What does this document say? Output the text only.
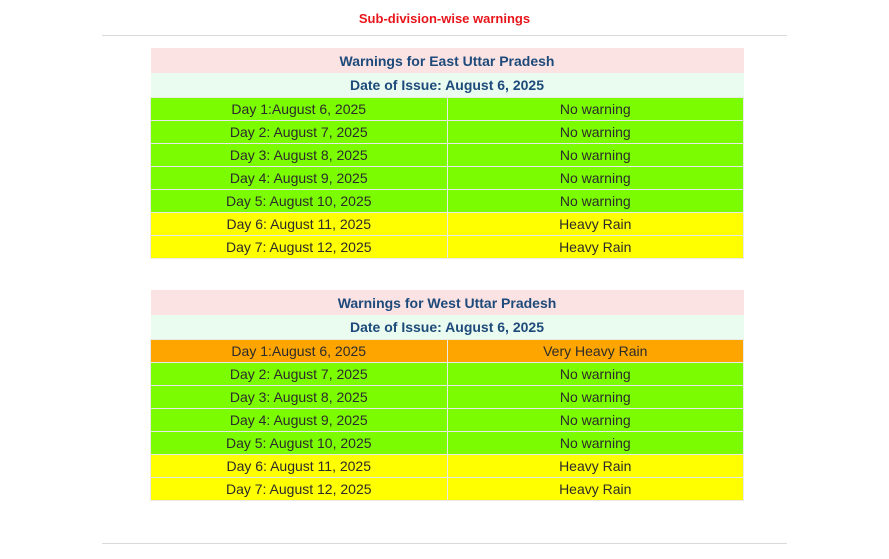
Sub-division-wise warnings
Warnings for East Uttar Pradesh	
Date of Issue: August 6, 2025	
Day 1:August 6, 2025	No warning
Day 2: August 7, 2025	No warning
Day 3: August 8, 2025	No warning
Day 4: August 9, 2025	No warning
Day 5: August 10, 2025	No warning
Day 6: August 11, 2025	Heavy Rain
Day 7: August 12, 2025	Heavy Rain
Warnings for West Uttar Pradesh	
Date of Issue: August 6, 2025	
Day 1:August 6, 2025	Very Heavy Rain
Day 2: August 7, 2025	No warning
Day 3: August 8, 2025	No warning
Day 4: August 9, 2025	No warning
Day 5: August 10, 2025	No warning
Day 6: August 11, 2025	Heavy Rain
Day 7: August 12, 2025	Heavy Rain
